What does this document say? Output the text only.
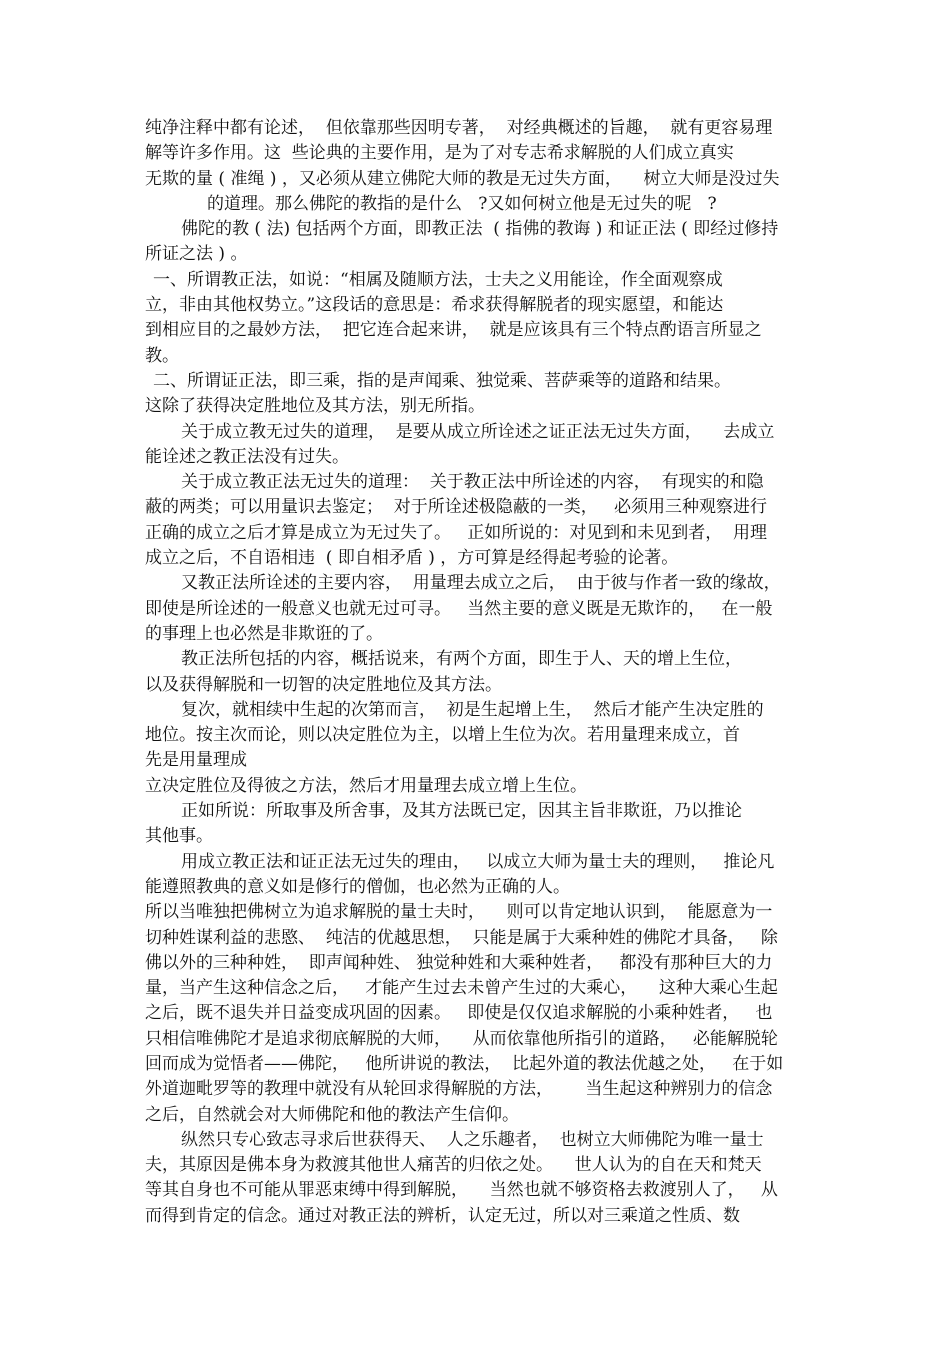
纯净注释中都有论述，  但依靠那些因明专著，  对经典概述的旨趣，  就有更容易理
解等许多作用。这  些论典的主要作用，是为了对专志希求解脱的人们成立真实
无欺的量 ( 准绳 ) ，又必须从建立佛陀大师的教是无过失方面，    树立大师是没过失
的道理。那么佛陀的教指的是什么   ?又如何树立他是无过失的呢   ?
佛陀的教 ( 法) 包括两个方面，即教正法  ( 指佛的教诲 ) 和证正法 ( 即经过修持
所证之法 ) 。
一、所谓教正法，如说：“相属及随顺方法，士夫之义用能诠，作全面观察成
立，非由其他权势立。”这段话的意思是：希求获得解脱者的现实愿望，和能达
到相应目的之最妙方法，  把它连合起来讲，  就是应该具有三个特点酌语言所显之
教。
二、所谓证正法，即三乘，指的是声闻乘、独觉乘、菩萨乘等的道路和结果。
这除了获得决定胜地位及其方法，别无所指。
关于成立教无过失的道理，  是要从成立所诠述之证正法无过失方面，    去成立
能诠述之教正法没有过失。
关于成立教正法无过失的道理：  关于教正法中所诠述的内容，  有现实的和隐
蔽的两类；可以用量识去鉴定；  对于所诠述极隐蔽的一类，   必须用三种观察进行
正确的成立之后才算是成立为无过失了。   正如所说的：对见到和未见到者，  用理
成立之后，不自语相违  ( 即自相矛盾 ) ，方可算是经得起考验的论著。
又教正法所诠述的主要内容，  用量理去成立之后，  由于彼与作者一致的缘故，
即使是所诠述的一般意义也就无过可寻。   当然主要的意义既是无欺诈的，   在一般
的事理上也必然是非欺诳的了。
教正法所包括的内容，概括说来，有两个方面，即生于人、天的增上生位，
以及获得解脱和一切智的决定胜地位及其方法。
复次，就相续中生起的次第而言，  初是生起增上生，  然后才能产生决定胜的
地位。按主次而论，则以决定胜位为主，以增上生位为次。若用量理来成立，首
先是用量理成
立决定胜位及得彼之方法，然后才用量理去成立增上生位。
正如所说：所取事及所舍事，及其方法既已定，因其主旨非欺诳，乃以推论
其他事。
用成立教正法和证正法无过失的理由，   以成立大师为量士夫的理则，   推论凡
能遵照教典的意义如是修行的僧伽，也必然为正确的人。
所以当唯独把佛树立为追求解脱的量士夫时，    则可以肯定地认识到，  能愿意为一
切种姓谋利益的悲愍、  纯洁的优越思想，  只能是属于大乘种姓的佛陀才具备，   除
佛以外的三种种姓，  即声闻种姓、 独觉种姓和大乘种姓者，   都没有那种巨大的力
量，当产生这种信念之后，   才能产生过去未曾产生过的大乘心，    这种大乘心生起
之后，既不退失并日益变成巩固的因素。   即使是仅仅追求解脱的小乘种姓者，   也
只相信唯佛陀才是追求彻底解脱的大师，    从而依靠他所指引的道路，   必能解脱轮
回而成为觉悟者——佛陀，   他所讲说的教法，  比起外道的教法优越之处，   在于如
外道迦毗罗等的教理中就没有从轮回求得解脱的方法，      当生起这种辨别力的信念
之后，自然就会对大师佛陀和他的教法产生信仰。
纵然只专心致志寻求后世获得天、  人之乐趣者，  也树立大师佛陀为唯一量士
夫，其原因是佛本身为救渡其他世人痛苦的归依之处。    世人认为的自在天和梵天
等其自身也不可能从罪恶束缚中得到解脱，    当然也就不够资格去救渡别人了，   从
而得到肯定的信念。通过对教正法的辨析，认定无过，所以对三乘道之性质、数
